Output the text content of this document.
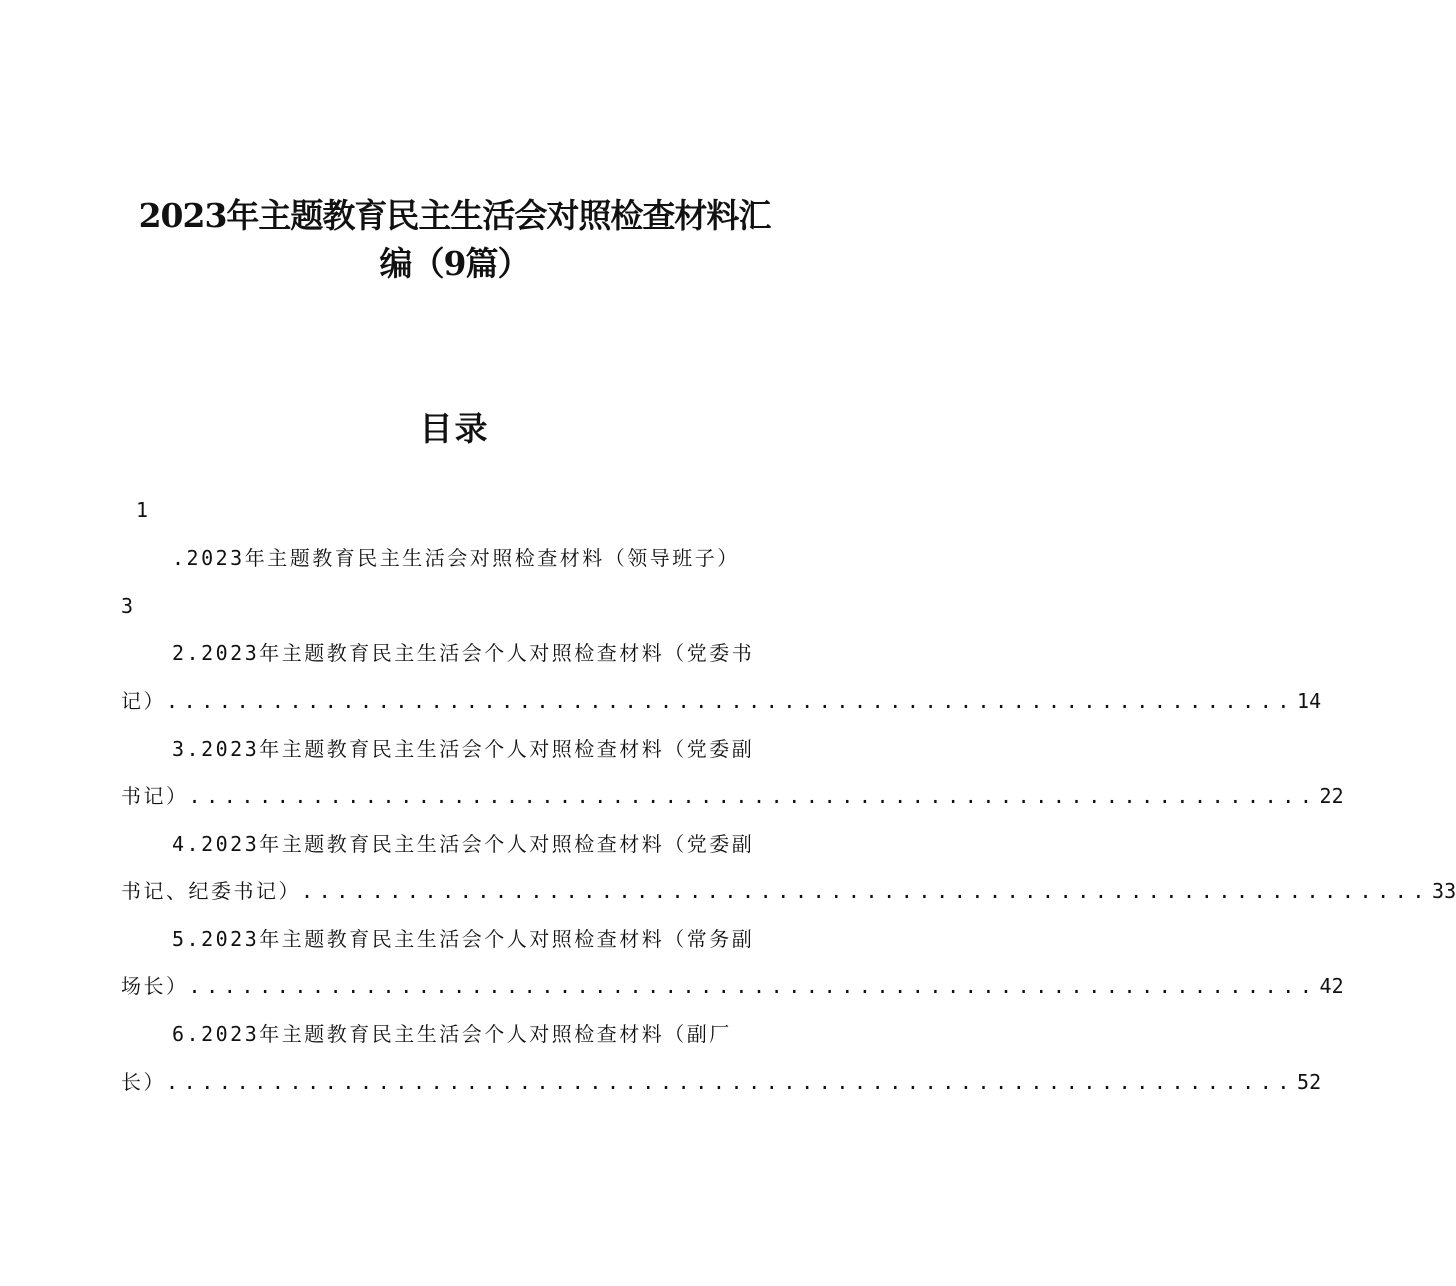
2023年主题教育民主生活会对照检查材料汇
编（9篇）
目录
1
.2023年主题教育民主生活会对照检查材料（领导班子）
3
2.2023年主题教育民主生活会个人对照检查材料（党委书
记） ................................................................ 14
3.2023年主题教育民主生活会个人对照检查材料（党委副
书记） ................................................................ 22
4.2023年主题教育民主生活会个人对照检查材料（党委副
书记、纪委书记） ................................................................ 33
5.2023年主题教育民主生活会个人对照检查材料（常务副
场长） ................................................................ 42
6.2023年主题教育民主生活会个人对照检查材料（副厂
长） ................................................................ 52
